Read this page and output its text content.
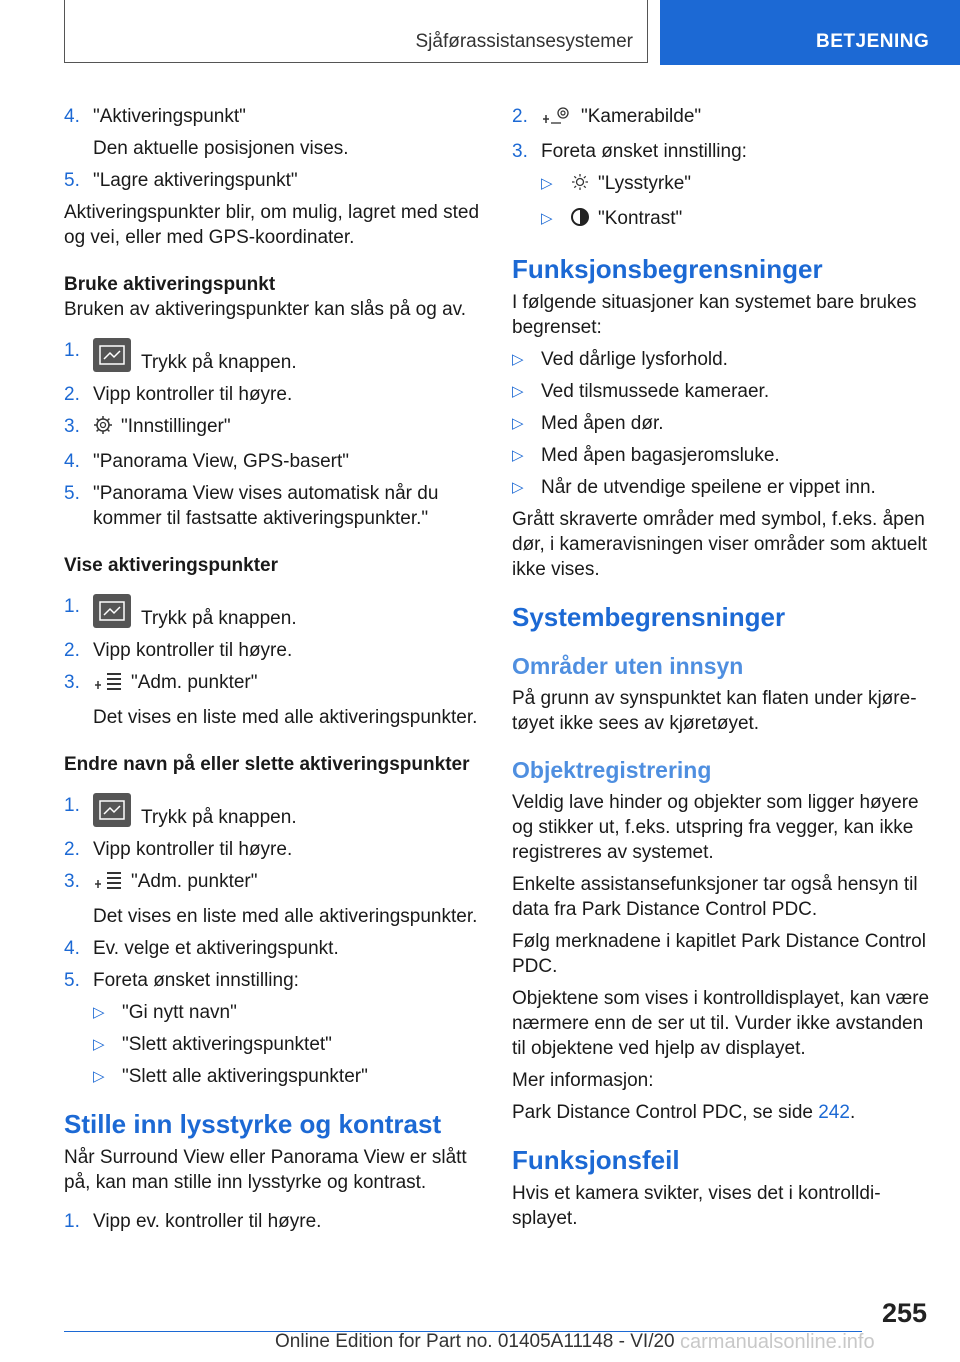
Sjåførassistansesystemer	BETJENING
4. "Aktiveringspunkt"
Den aktuelle posisjonen vises.
5. "Lagre aktiveringspunkt"
Aktiveringspunkter blir, om mulig, lagret med sted og vei, eller med GPS-koordinater.
Bruke aktiveringspunkt
Bruken av aktiveringspunkter kan slås på og av.
1.
Trykk på knappen.
2. Vipp kontroller til høyre.
3. "Innstillinger"
4. "Panorama View, GPS-basert"
5. "Panorama View vises automatisk når du kommer til fastsatte aktiveringspunkter."
Vise aktiveringspunkter
1.
Trykk på knappen.
2. Vipp kontroller til høyre.
3.	"Adm. punkter"
Det vises en liste med alle aktiveringspunkter.
Endre navn på eller slette aktiveringspunkter
1.
Trykk på knappen.
2. Vipp kontroller til høyre.
3.	"Adm. punkter"
Det vises en liste med alle aktiveringspunkter.
4. Ev. velge et aktiveringspunkt.
5. Foreta ønsket innstilling:
▷ "Gi nytt navn"
▷ "Slett aktiveringspunktet"
▷ "Slett alle aktiveringspunkter"
Stille inn lysstyrke og kontrast
Når Surround View eller Panorama View er slått på, kan man stille inn lysstyrke og kontrast.
1. Vipp ev. kontroller til høyre.
2.	"Kamerabilde"
3. Foreta ønsket innstilling:
▷ "Lysstyrke"
▷ "Kontrast"
Funksjonsbegrensninger
I følgende situasjoner kan systemet bare brukes begrenset:
▷ Ved dårlige lysforhold.
▷ Ved tilsmussede kameraer.
▷ Med åpen dør.
▷ Med åpen bagasjeromsluke.
▷ Når de utvendige speilene er vippet inn.
Grått skraverte områder med symbol, f.eks. åpen dør, i kameravisningen viser områder som aktuelt ikke vises.
Systembegrensninger
Områder uten innsyn
På grunn av synspunktet kan flaten under kjøretøyet ikke sees av kjøretøyet.
Objektregistrering
Veldig lave hinder og objekter som ligger høyere og stikker ut, f.eks. utspring fra vegger, kan ikke registreres av systemet.
Enkelte assistansefunksjoner tar også hensyn til data fra Park Distance Control PDC.
Følg merknadene i kapitlet Park Distance Control PDC.
Objektene som vises i kontrolldisplayet, kan være nærmere enn de ser ut til. Vurder ikke avstanden til objektene ved hjelp av displayet.
Mer informasjon:
Park Distance Control PDC, se side 242.
Funksjonsfeil
Hvis et kamera svikter, vises det i kontrolldisplayet.
255
Online Edition for Part no. 01405A11148 - VI/20 carmanualsonline.info
